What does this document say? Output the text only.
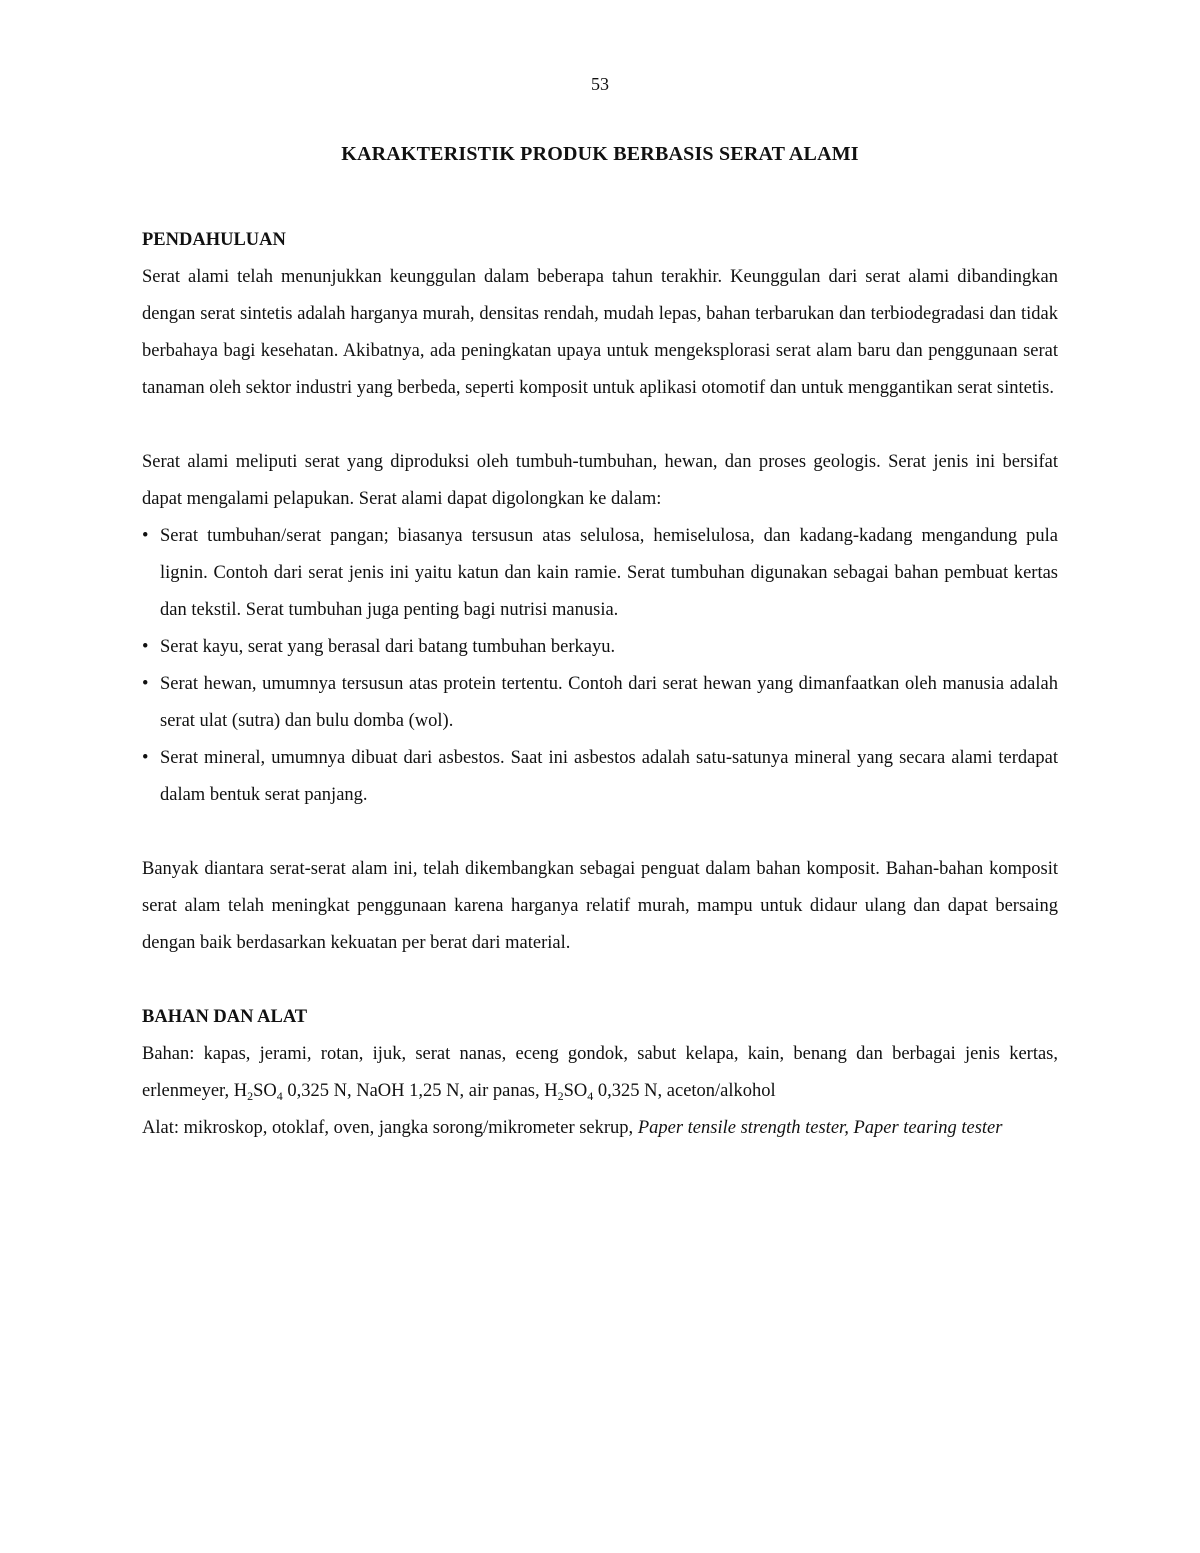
53
KARAKTERISTIK PRODUK BERBASIS SERAT ALAMI

PENDAHULUAN

Serat alami telah menunjukkan keunggulan dalam beberapa tahun terakhir. Keunggulan dari serat alami dibandingkan dengan serat sintetis adalah harganya murah, densitas rendah, mudah lepas, bahan terbarukan dan terbiodegradasi dan tidak berbahaya bagi kesehatan. Akibatnya, ada peningkatan upaya untuk mengeksplorasi serat alam baru dan penggunaan serat tanaman oleh sektor industri yang berbeda, seperti komposit untuk aplikasi otomotif dan untuk menggantikan serat sintetis.

Serat alami meliputi serat yang diproduksi oleh tumbuh-tumbuhan, hewan, dan proses geologis. Serat jenis ini bersifat dapat mengalami pelapukan. Serat alami dapat digolongkan ke dalam:

• Serat tumbuhan/serat pangan; biasanya tersusun atas selulosa, hemiselulosa, dan kadang-kadang mengandung pula lignin. Contoh dari serat jenis ini yaitu katun dan kain ramie. Serat tumbuhan digunakan sebagai bahan pembuat kertas dan tekstil. Serat tumbuhan juga penting bagi nutrisi manusia.
• Serat kayu, serat yang berasal dari batang tumbuhan berkayu.
• Serat hewan, umumnya tersusun atas protein tertentu. Contoh dari serat hewan yang dimanfaatkan oleh manusia adalah serat ulat (sutra) dan bulu domba (wol).
• Serat mineral, umumnya dibuat dari asbestos. Saat ini asbestos adalah satu-satunya mineral yang secara alami terdapat dalam bentuk serat panjang.

Banyak diantara serat-serat alam ini, telah dikembangkan sebagai penguat dalam bahan komposit. Bahan-bahan komposit serat alam telah meningkat penggunaan karena harganya relatif murah, mampu untuk didaur ulang dan dapat bersaing dengan baik berdasarkan kekuatan per berat dari material.

BAHAN DAN ALAT

Bahan: kapas, jerami, rotan, ijuk, serat nanas, eceng gondok, sabut kelapa, kain, benang dan berbagai jenis kertas, erlenmeyer, $H_2SO_4$ 0,325 N, NaOH 1,25 N, air panas, $H_2SO_4$ 0,325 N, aceton/alkohol

Alat: mikroskop, otoklaf, oven, jangka sorong/mikrometer sekrup, Paper tensile strength tester, Paper tearing tester
